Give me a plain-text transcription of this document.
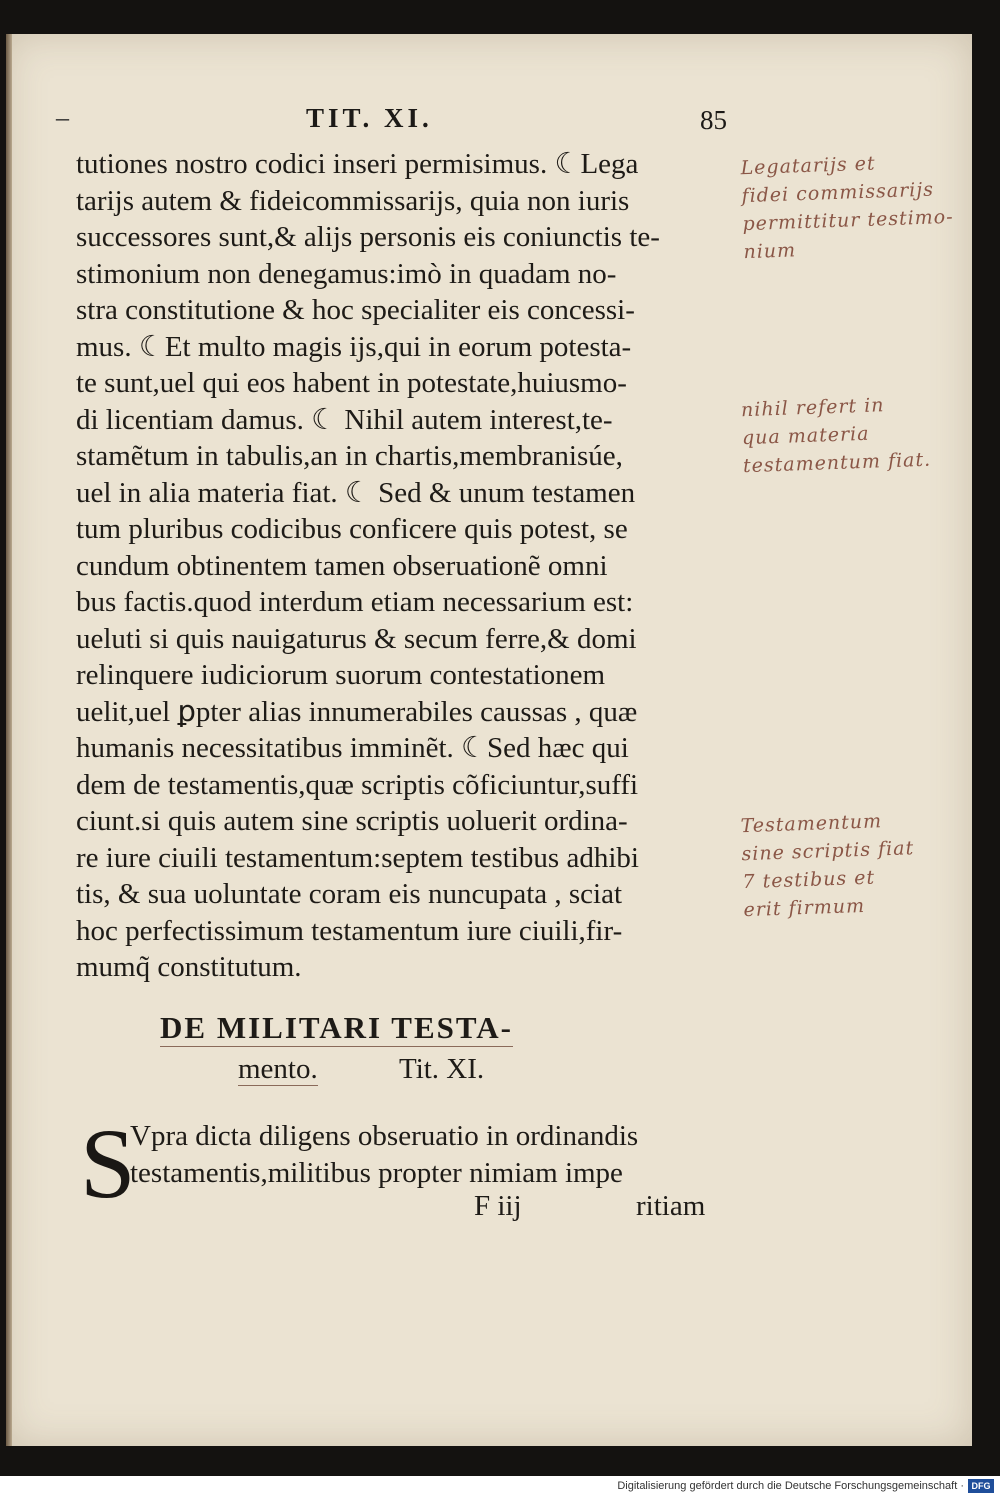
–	TIT. XI.	85
tutiones nostro codici inseri permisimus. ☾Lega
tarijs autem & fideicommissarijs, quia non iuris
successores sunt,& alijs personis eis coniunctis te-
stimonium non denegamus:imò in quadam no-
stra constitutione & hoc specialiter eis concessi-
mus. ☾Et multo magis ijs,qui in eorum potesta-
te sunt,uel qui eos habent in potestate,huiusmo-
di licentiam damus. ☾ Nihil autem interest,te-
stamẽtum in tabulis,an in chartis,membranisúe,
uel in alia materia fiat. ☾ Sed & unum testamen
tum pluribus codicibus conficere quis potest, se
cundum obtinentem tamen obseruationẽ omni
bus factis.quod interdum etiam necessarium est:
ueluti si quis nauigaturus & secum ferre,& domi
relinquere iudiciorum suorum contestationem
uelit,uel ꝑpter alias innumerabiles caussas , quæ
humanis necessitatibus imminẽt. ☾Sed hæc qui
dem de testamentis,quæ scriptis cõficiuntur,suffi
ciunt.si quis autem sine scriptis uoluerit ordina-
re iure ciuili testamentum:septem testibus adhibi
tis, & sua uoluntate coram eis nuncupata , sciat
hoc perfectissimum testamentum iure ciuili,fir-
mumq̃ constitutum.
DE MILITARI TESTA-
mento.	Tit. XI.
S
Vpra dicta diligens obseruatio in ordinandis
testamentis,militibus propter nimiam impe
F iij	ritiam
Legatarijs et
fidei commissarijs
permittitur testimo-
nium
nihil refert in
qua materia
testamentum fiat.
Testamentum
sine scriptis fiat
7 testibus et
erit firmum
Digitalisierung gefördert durch die Deutsche Forschungsgemeinschaft · DFG
